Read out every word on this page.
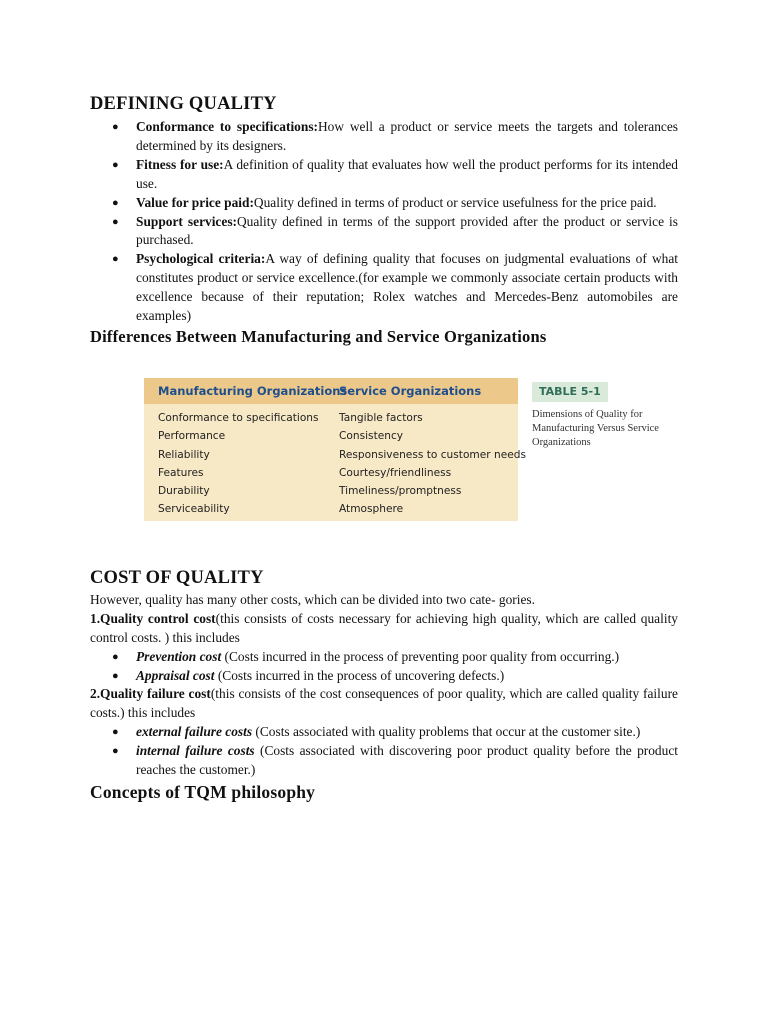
DEFINING QUALITY
● Conformance to specifications:How well a product or service meets the targets and tolerances determined by its designers.
● Fitness for use:A definition of quality that evaluates how well the product performs for its intended use.
● Value for price paid:Quality defined in terms of product or service usefulness for the price paid.
● Support services:Quality defined in terms of the support provided after the product or service is purchased.
● Psychological criteria:A way of defining quality that focuses on judgmental evaluations of what constitutes product or service excellence.(for example we commonly associate certain products with excellence because of their reputation; Rolex watches and Mercedes-Benz automobiles are examples)
Differences Between Manufacturing and Service Organizations
Manufacturing Organizations
Service Organizations
Conformance to specifications
Performance
Reliability
Features
Durability
Serviceability
Tangible factors
Consistency
Responsiveness to customer needs
Courtesy/friendliness
Timeliness/promptness
Atmosphere
TABLE 5-1
Dimensions of Quality for Manufacturing Versus Service Organizations
COST OF QUALITY

However, quality has many other costs, which can be divided into two cate- gories.

1.Quality control cost(this consists of costs necessary for achieving high quality, which are called quality control costs. ) this includes

● Prevention cost (Costs incurred in the process of preventing poor quality from occurring.)
● Appraisal cost (Costs incurred in the process of uncovering defects.)

2.Quality failure cost(this consists of the cost consequences of poor quality, which are called quality failure costs.) this includes

● external failure costs (Costs associated with quality problems that occur at the customer site.)
● internal failure costs (Costs associated with discovering poor product quality before the product reaches the customer.)
Concepts of TQM philosophy
